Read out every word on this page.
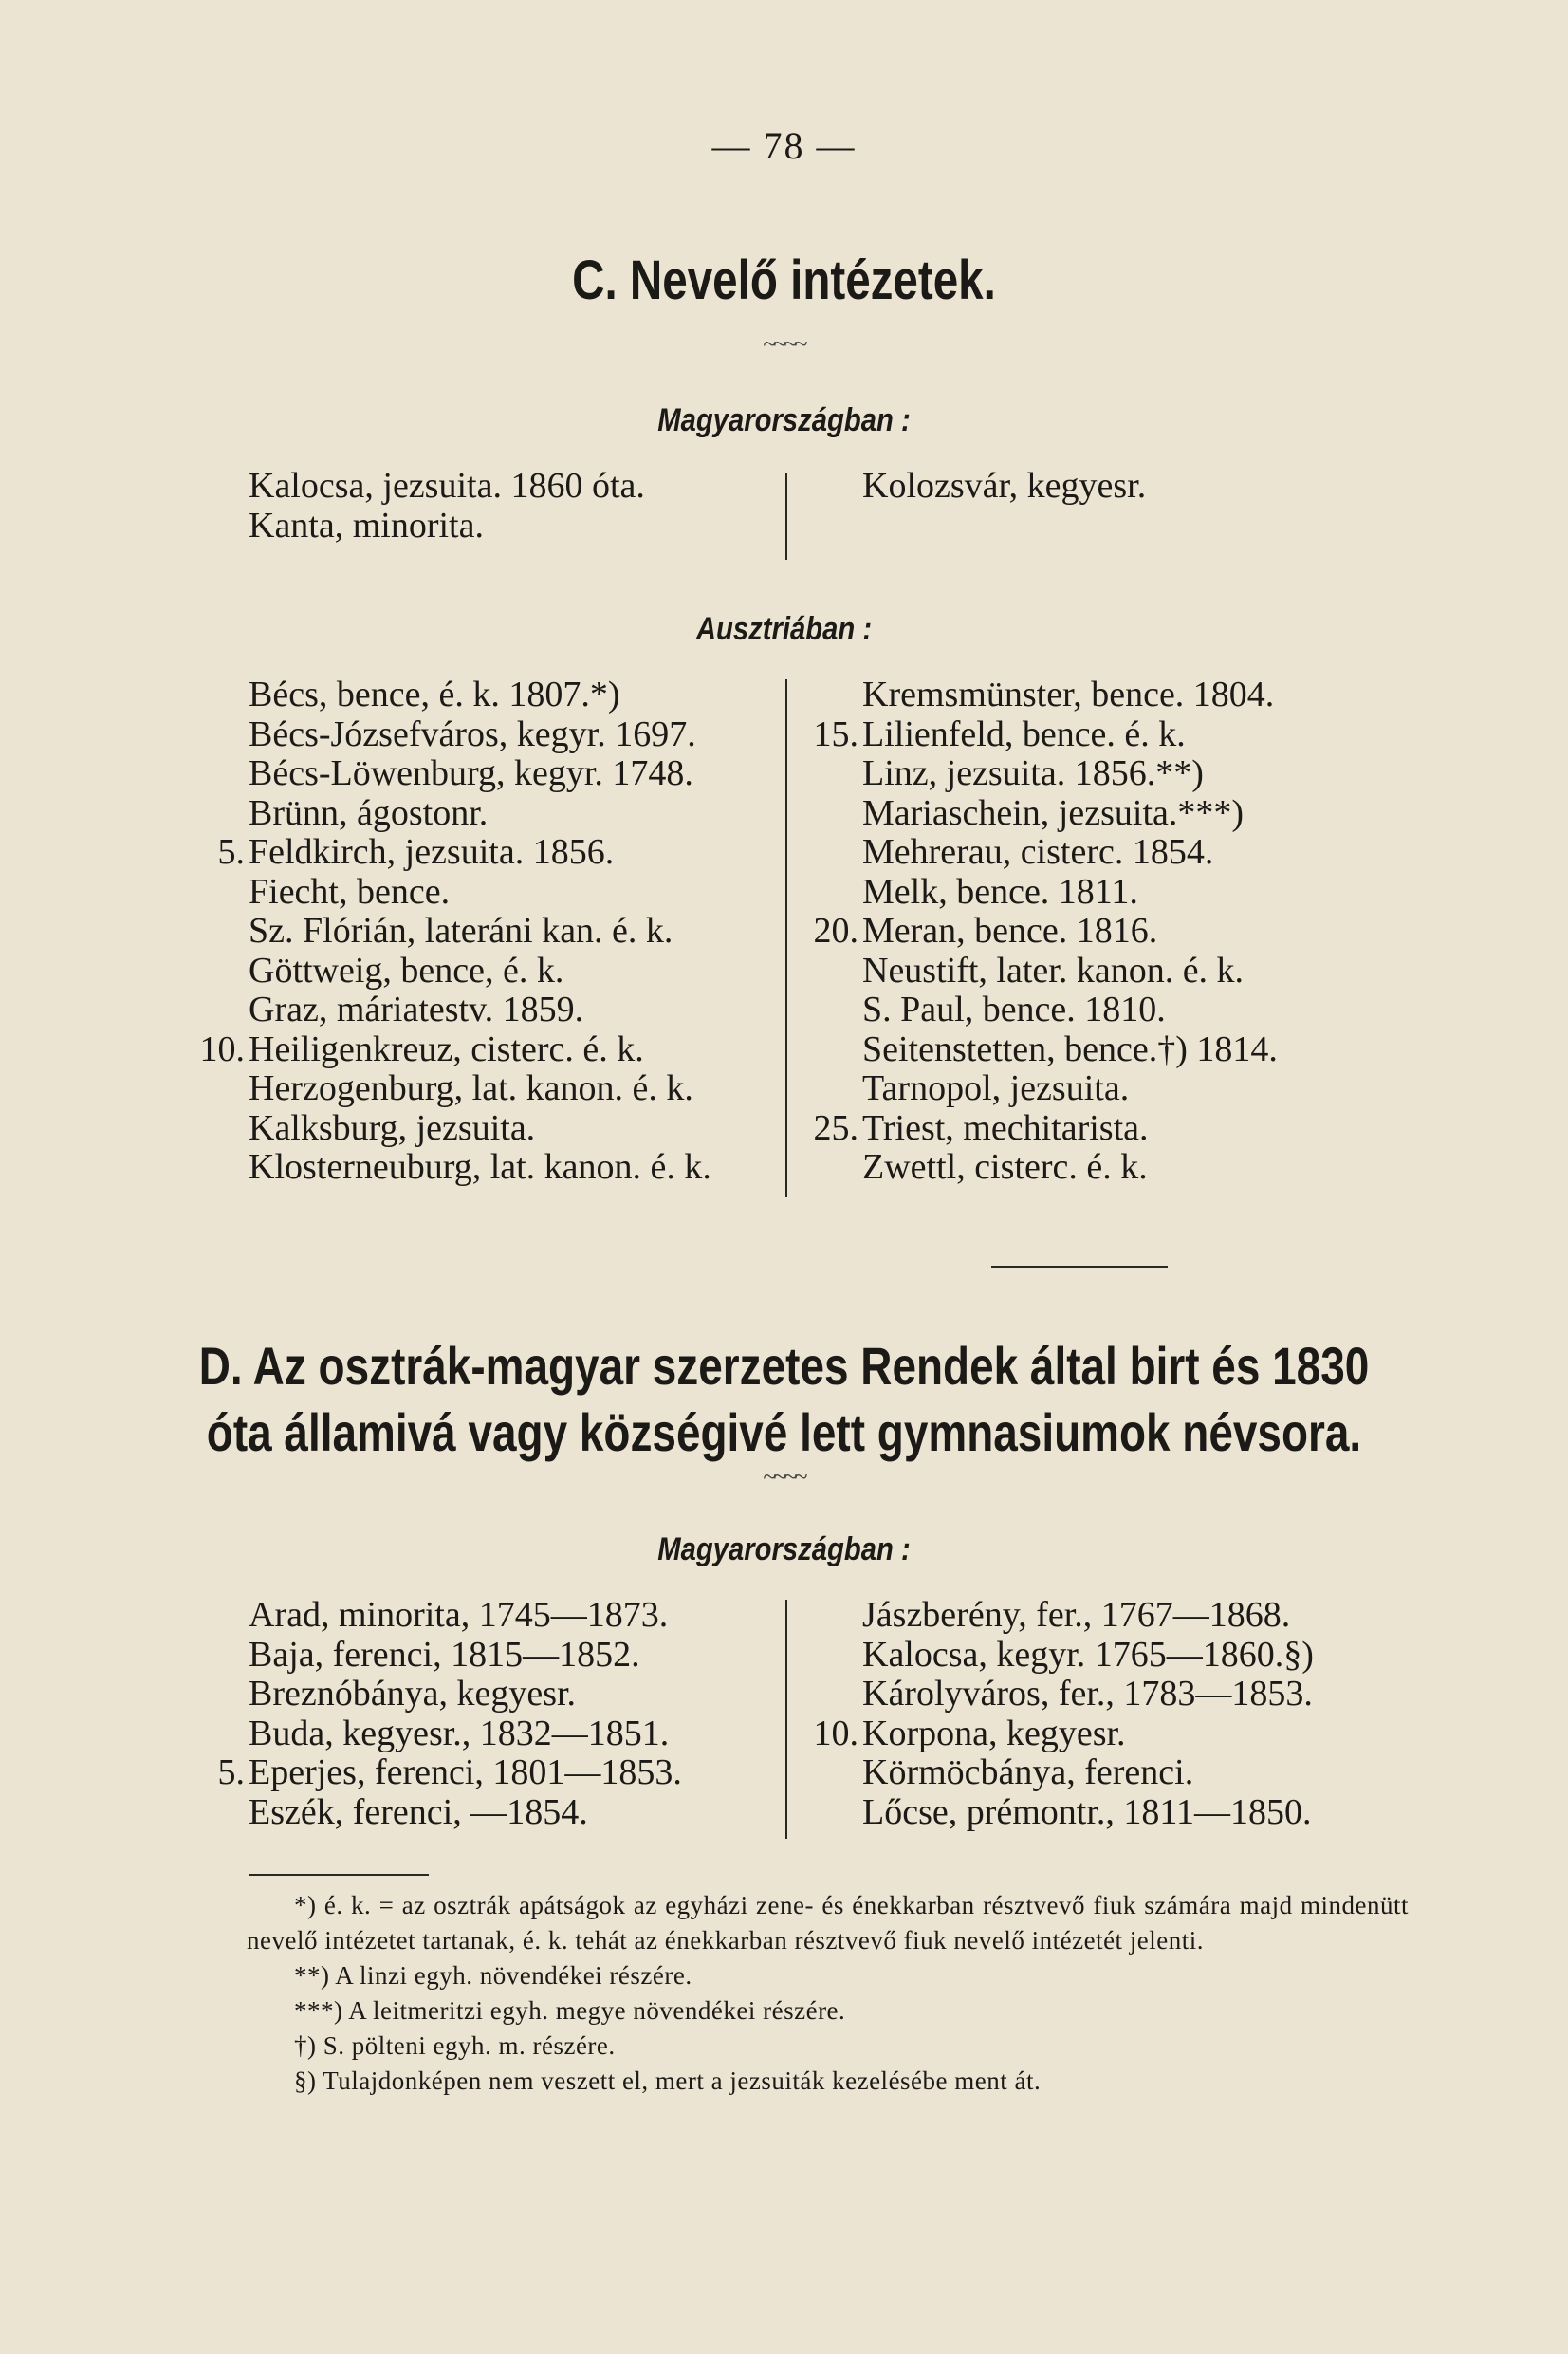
— 78 —
C. Nevelő intézetek.
~~~~
Magyarországban :
Kalocsa, jezsuita. 1860 óta.
Kanta, minorita.
Kolozsvár, kegyesr.
Ausztriában :
Bécs, bence, é. k. 1807.*)
Bécs-Józsefváros, kegyr. 1697.
Bécs-Löwenburg, kegyr. 1748.
Brünn, ágostonr.
5. Feldkirch, jezsuita. 1856.
Fiecht, bence.
Sz. Flórián, lateráni kan. é. k.
Göttweig, bence, é. k.
Graz, máriatestv. 1859.
10. Heiligenkreuz, cisterc. é. k.
Herzogenburg, lat. kanon. é. k.
Kalksburg, jezsuita.
Klosterneuburg, lat. kanon. é. k.
Kremsmünster, bence. 1804.
15. Lilienfeld, bence. é. k.
Linz, jezsuita. 1856.**)
Mariaschein, jezsuita.***)
Mehrerau, cisterc. 1854.
Melk, bence. 1811.
20. Meran, bence. 1816.
Neustift, later. kanon. é. k.
S. Paul, bence. 1810.
Seitenstetten, bence.†) 1814.
Tarnopol, jezsuita.
25. Triest, mechitarista.
Zwettl, cisterc. é. k.
D. Az osztrák-magyar szerzetes Rendek által birt és 1830
óta államivá vagy községivé lett gymnasiumok névsora.
~~~~
Magyarországban :
Arad, minorita, 1745—1873.
Baja, ferenci, 1815—1852.
Breznóbánya, kegyesr.
Buda, kegyesr., 1832—1851.
5. Eperjes, ferenci, 1801—1853.
Eszék, ferenci, —1854.
Jászberény, fer., 1767—1868.
Kalocsa, kegyr. 1765—1860.§)
Károlyváros, fer., 1783—1853.
10. Korpona, kegyesr.
Körmöcbánya, ferenci.
Lőcse, prémontr., 1811—1850.
*) é. k. = az osztrák apátságok az egyházi zene- és énekkarban résztvevő fiuk számára majd mindenütt nevelő intézetet tartanak, é. k. tehát az énekkarban résztvevő fiuk nevelő intézetét jelenti.
**) A linzi egyh. növendékei részére.
***) A leitmeritzi egyh. megye növendékei részére.
†) S. pölteni egyh. m. részére.
§) Tulajdonképen nem veszett el, mert a jezsuiták kezelésébe ment át.
